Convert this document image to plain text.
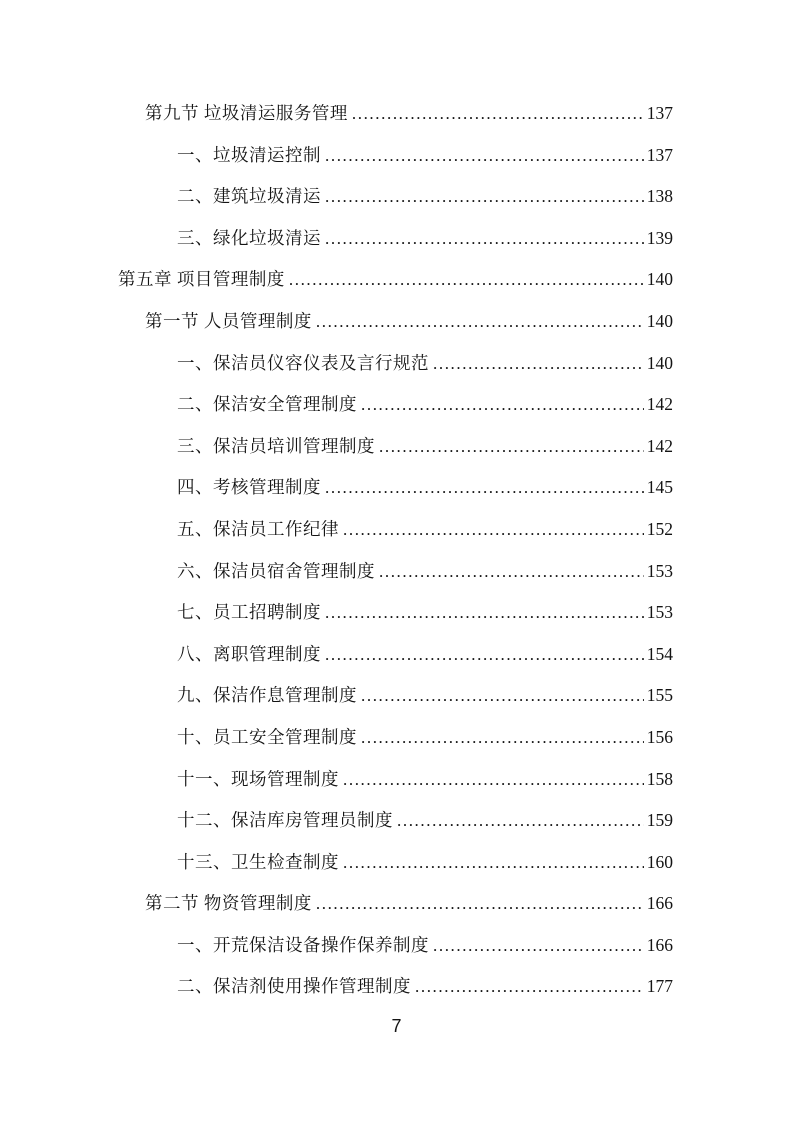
第九节 垃圾清运服务管理 .....	137
一、垃圾清运控制 .....	137
二、建筑垃圾清运 .....	138
三、绿化垃圾清运 .....	139
第五章 项目管理制度 .....	140
第一节 人员管理制度 .....	140
一、保洁员仪容仪表及言行规范 .....	140
二、保洁安全管理制度 .....	142
三、保洁员培训管理制度 .....	142
四、考核管理制度 .....	145
五、保洁员工作纪律 .....	152
六、保洁员宿舍管理制度 .....	153
七、员工招聘制度 .....	153
八、离职管理制度 .....	154
九、保洁作息管理制度 .....	155
十、员工安全管理制度 .....	156
十一、现场管理制度 .....	158
十二、保洁库房管理员制度 .....	159
十三、卫生检查制度 .....	160
第二节 物资管理制度 .....	166
一、开荒保洁设备操作保养制度 .....	166
二、保洁剂使用操作管理制度 .....	177
7
